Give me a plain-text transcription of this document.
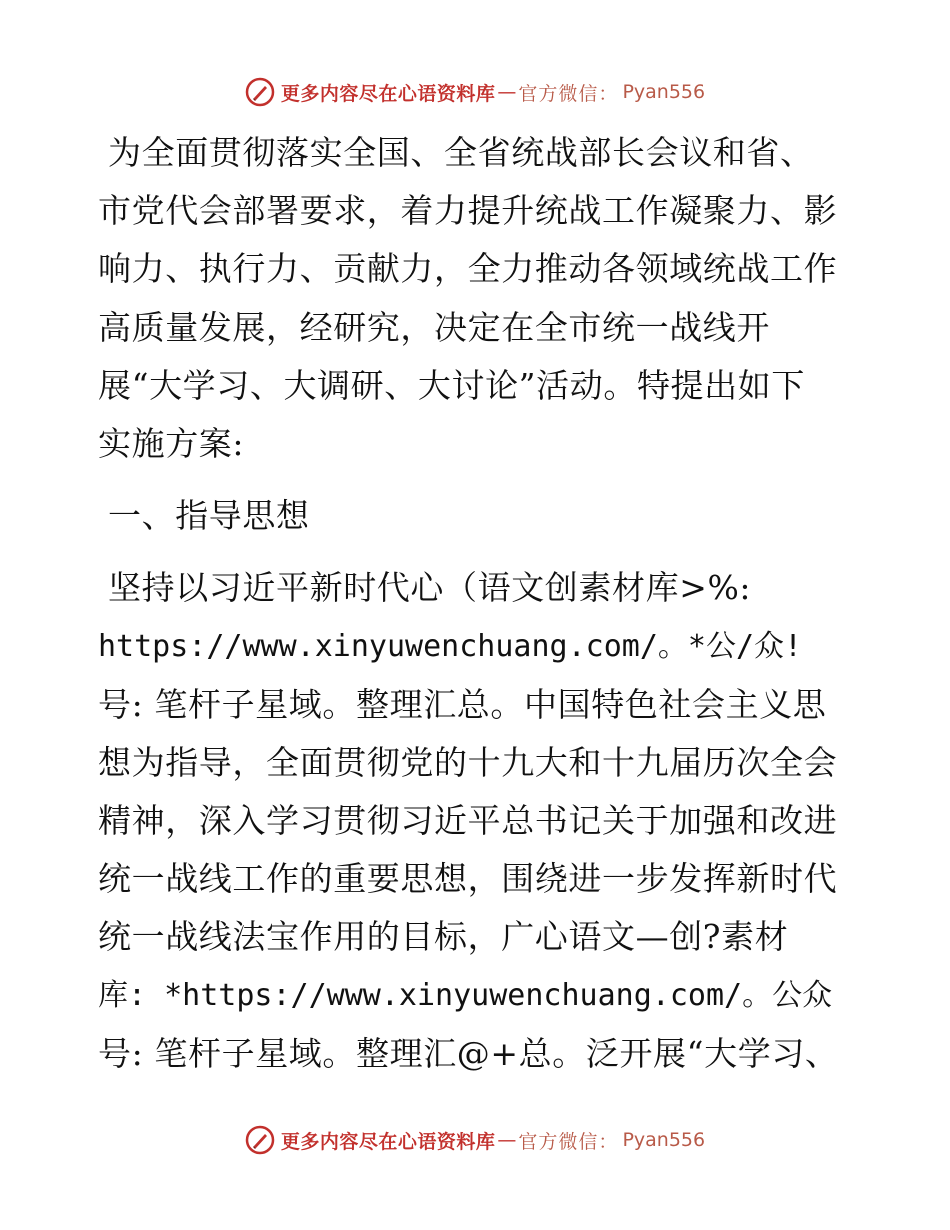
更多内容尽在心语资料库 — 官方微信： Pyan556
为全面贯彻落实全国、全省统战部长会议和省、
市党代会部署要求，着力提升统战工作凝聚力、影
响力、执行力、贡献力，全力推动各领域统战工作
高质量发展，经研究，决定在全市统一战线开
展“大学习、大调研、大讨论”活动。特提出如下
实施方案:
一、指导思想
坚持以习近平新时代心（语文创素材库>%:
https://www.xinyuwenchuang.com/。*公/众!
号: 笔杆子星域。整理汇总。中国特色社会主义思
想为指导，全面贯彻党的十九大和十九届历次全会
精神，深入学习贯彻习近平总书记关于加强和改进
统一战线工作的重要思想，围绕进一步发挥新时代
统一战线法宝作用的目标，广心语文—创?素材
库: *https://www.xinyuwenchuang.com/。公众
号: 笔杆子星域。整理汇@+总。泛开展“大学习、
更多内容尽在心语资料库 — 官方微信： Pyan556
